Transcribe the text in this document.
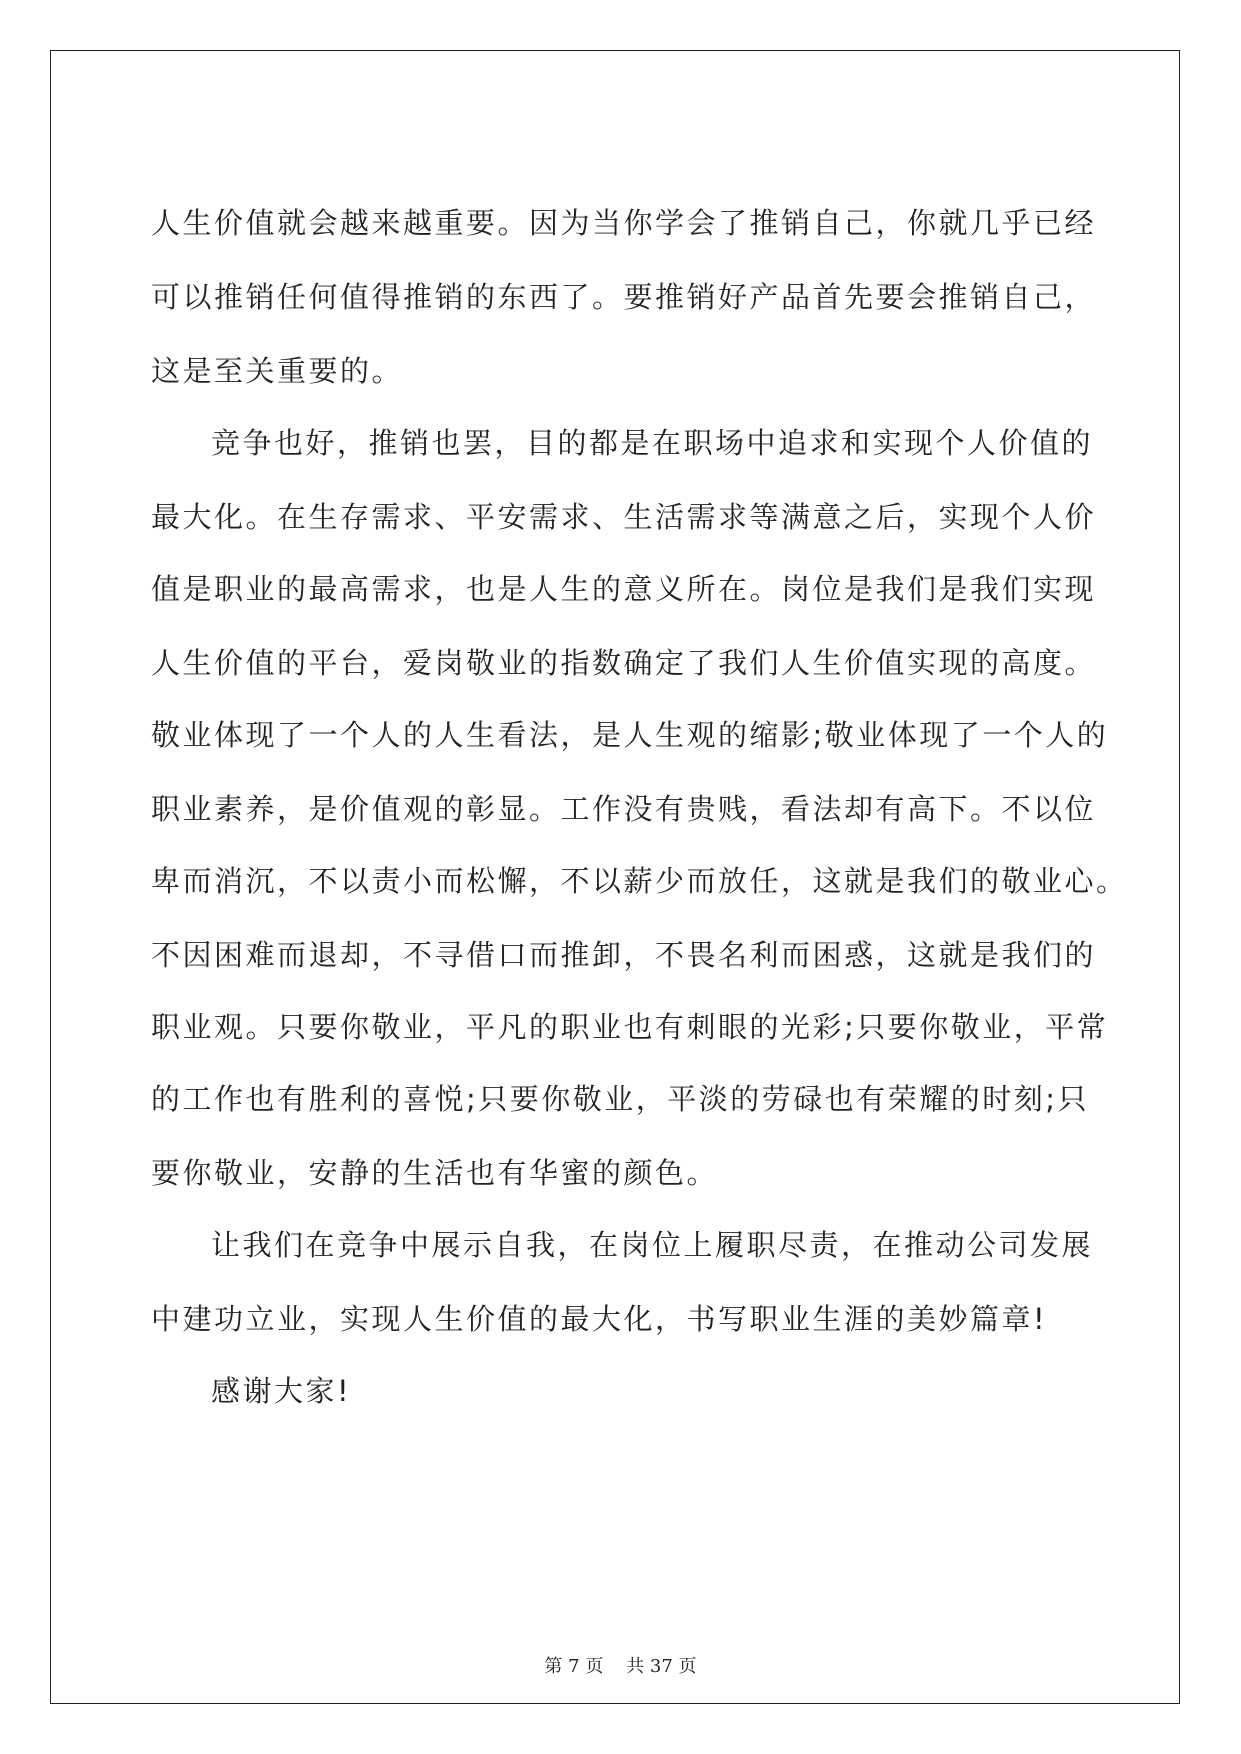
人生价值就会越来越重要。因为当你学会了推销自己，你就几乎已经
可以推销任何值得推销的东西了。要推销好产品首先要会推销自己，
这是至关重要的。
竞争也好，推销也罢，目的都是在职场中追求和实现个人价值的
最大化。在生存需求、平安需求、生活需求等满意之后，实现个人价
值是职业的最高需求，也是人生的意义所在。岗位是我们是我们实现
人生价值的平台，爱岗敬业的指数确定了我们人生价值实现的高度。
敬业体现了一个人的人生看法，是人生观的缩影;敬业体现了一个人的
职业素养，是价值观的彰显。工作没有贵贱，看法却有高下。不以位
卑而消沉，不以责小而松懈，不以薪少而放任，这就是我们的敬业心。
不因困难而退却，不寻借口而推卸，不畏名利而困惑，这就是我们的
职业观。只要你敬业，平凡的职业也有刺眼的光彩;只要你敬业，平常
的工作也有胜利的喜悦;只要你敬业，平淡的劳碌也有荣耀的时刻;只
要你敬业，安静的生活也有华蜜的颜色。
让我们在竞争中展示自我，在岗位上履职尽责，在推动公司发展
中建功立业，实现人生价值的最大化，书写职业生涯的美妙篇章!
感谢大家!
第 7 页    共 37 页
